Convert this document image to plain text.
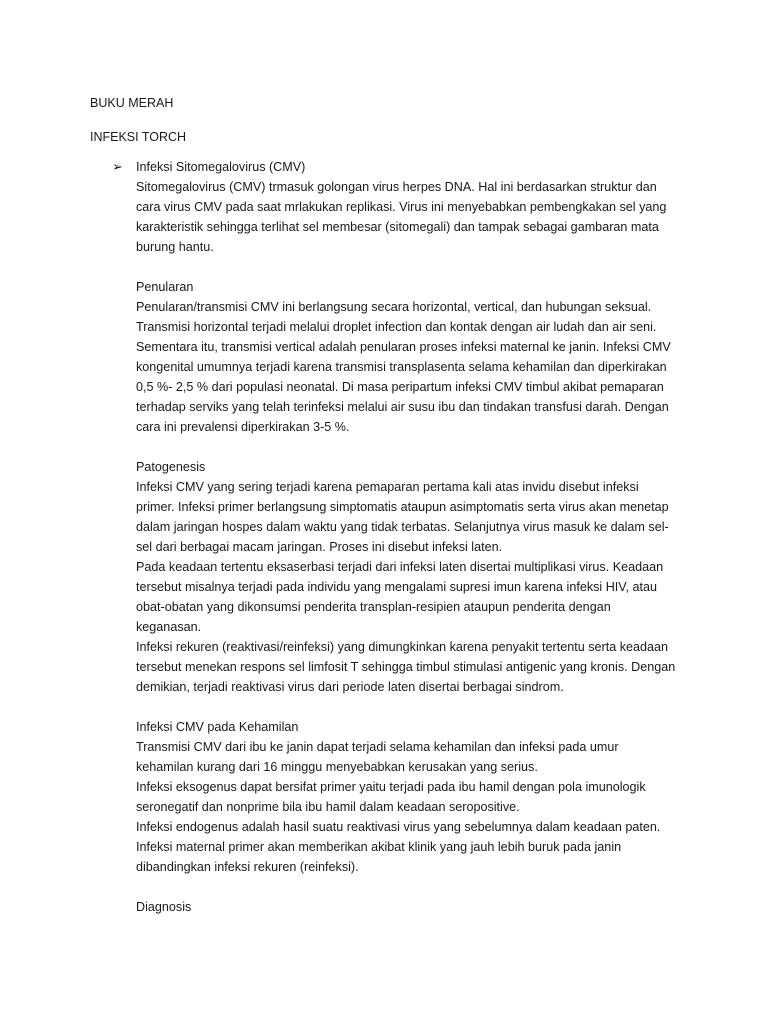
BUKU MERAH
INFEKSI TORCH
➢ Infeksi Sitomegalovirus (CMV)
Sitomegalovirus (CMV) trmasuk golongan virus herpes DNA. Hal ini berdasarkan struktur dan
cara virus CMV pada saat mrlakukan replikasi. Virus ini menyebabkan pembengkakan sel yang
karakteristik sehingga terlihat sel membesar (sitomegali) dan tampak sebagai gambaran mata
burung hantu.
Penularan
Penularan/transmisi CMV ini berlangsung secara horizontal, vertical, dan hubungan seksual.
Transmisi horizontal terjadi melalui droplet infection dan kontak dengan air ludah dan air seni.
Sementara itu, transmisi vertical adalah penularan proses infeksi maternal ke janin. Infeksi CMV
kongenital umumnya terjadi karena transmisi transplasenta selama kehamilan dan diperkirakan
0,5 %- 2,5 % dari populasi neonatal. Di masa peripartum infeksi CMV timbul akibat pemaparan
terhadap serviks yang telah terinfeksi melalui air susu ibu dan tindakan transfusi darah. Dengan
cara ini prevalensi diperkirakan 3-5 %.
Patogenesis
Infeksi CMV yang sering terjadi karena pemaparan pertama kali atas invidu disebut infeksi
primer. Infeksi primer berlangsung simptomatis ataupun asimptomatis serta virus akan menetap
dalam jaringan hospes dalam waktu yang tidak terbatas. Selanjutnya virus masuk ke dalam sel-
sel dari berbagai macam jaringan. Proses ini disebut infeksi laten.
Pada keadaan tertentu eksaserbasi terjadi dari infeksi laten disertai multiplikasi virus. Keadaan
tersebut misalnya terjadi pada individu yang mengalami supresi imun karena infeksi HIV, atau
obat-obatan yang dikonsumsi penderita transplan-resipien ataupun penderita dengan
keganasan.
Infeksi rekuren (reaktivasi/reinfeksi) yang dimungkinkan karena penyakit tertentu serta keadaan
tersebut menekan respons sel limfosit T sehingga timbul stimulasi antigenic yang kronis. Dengan
demikian, terjadi reaktivasi virus dari periode laten disertai berbagai sindrom.
Infeksi CMV pada Kehamilan
Transmisi CMV dari ibu ke janin dapat terjadi selama kehamilan dan infeksi pada umur
kehamilan kurang dari 16 minggu menyebabkan kerusakan yang serius.
Infeksi eksogenus dapat bersifat primer yaitu terjadi pada ibu hamil dengan pola imunologik
seronegatif dan nonprime bila ibu hamil dalam keadaan seropositive.
Infeksi endogenus adalah hasil suatu reaktivasi virus yang sebelumnya dalam keadaan paten.
Infeksi maternal primer akan memberikan akibat klinik yang jauh lebih buruk pada janin
dibandingkan infeksi rekuren (reinfeksi).
Diagnosis
